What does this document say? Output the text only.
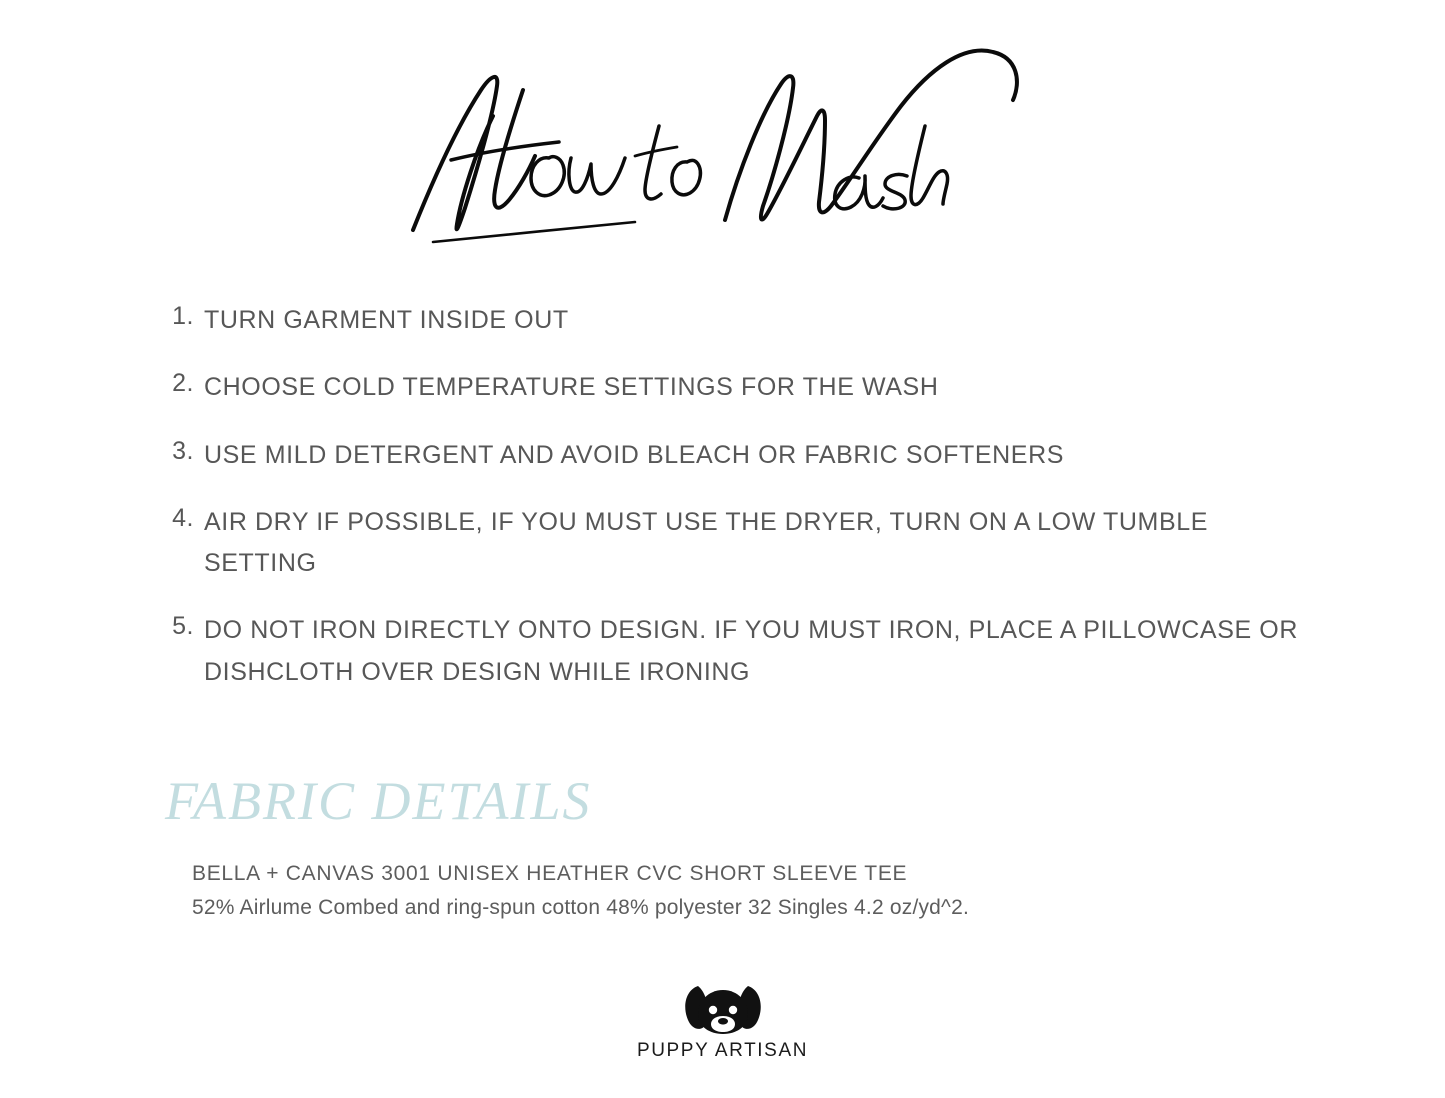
1. TURN GARMENT INSIDE OUT
2. CHOOSE COLD TEMPERATURE SETTINGS FOR THE WASH
3. USE MILD DETERGENT AND AVOID BLEACH OR FABRIC SOFTENERS
4. AIR DRY IF POSSIBLE, IF YOU MUST USE THE DRYER, TURN ON A LOW TUMBLE SETTING
5. DO NOT IRON DIRECTLY ONTO DESIGN. IF YOU MUST IRON, PLACE A PILLOWCASE OR DISHCLOTH OVER DESIGN WHILE IRONING
FABRIC DETAILS
BELLA + CANVAS 3001 UNISEX HEATHER CVC SHORT SLEEVE TEE
52% Airlume Combed and ring-spun cotton 48% polyester 32 Singles 4.2 oz/yd^2.
PUPPY ARTISAN
